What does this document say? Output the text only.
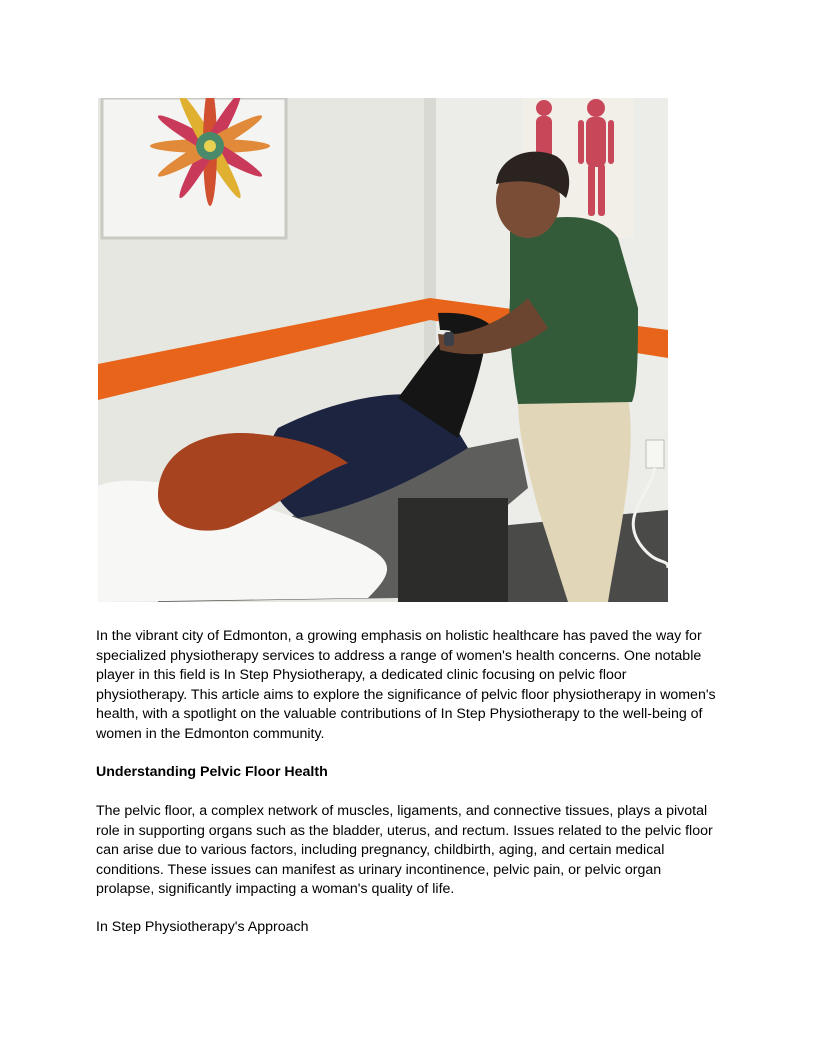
In the vibrant city of Edmonton, a growing emphasis on holistic healthcare has paved the way for specialized physiotherapy services to address a range of women's health concerns. One notable player in this field is In Step Physiotherapy, a dedicated clinic focusing on pelvic floor physiotherapy. This article aims to explore the significance of pelvic floor physiotherapy in women's health, with a spotlight on the valuable contributions of In Step Physiotherapy to the well-being of women in the Edmonton community.

Understanding Pelvic Floor Health

The pelvic floor, a complex network of muscles, ligaments, and connective tissues, plays a pivotal role in supporting organs such as the bladder, uterus, and rectum. Issues related to the pelvic floor can arise due to various factors, including pregnancy, childbirth, aging, and certain medical conditions. These issues can manifest as urinary incontinence, pelvic pain, or pelvic organ prolapse, significantly impacting a woman's quality of life.

In Step Physiotherapy's Approach
